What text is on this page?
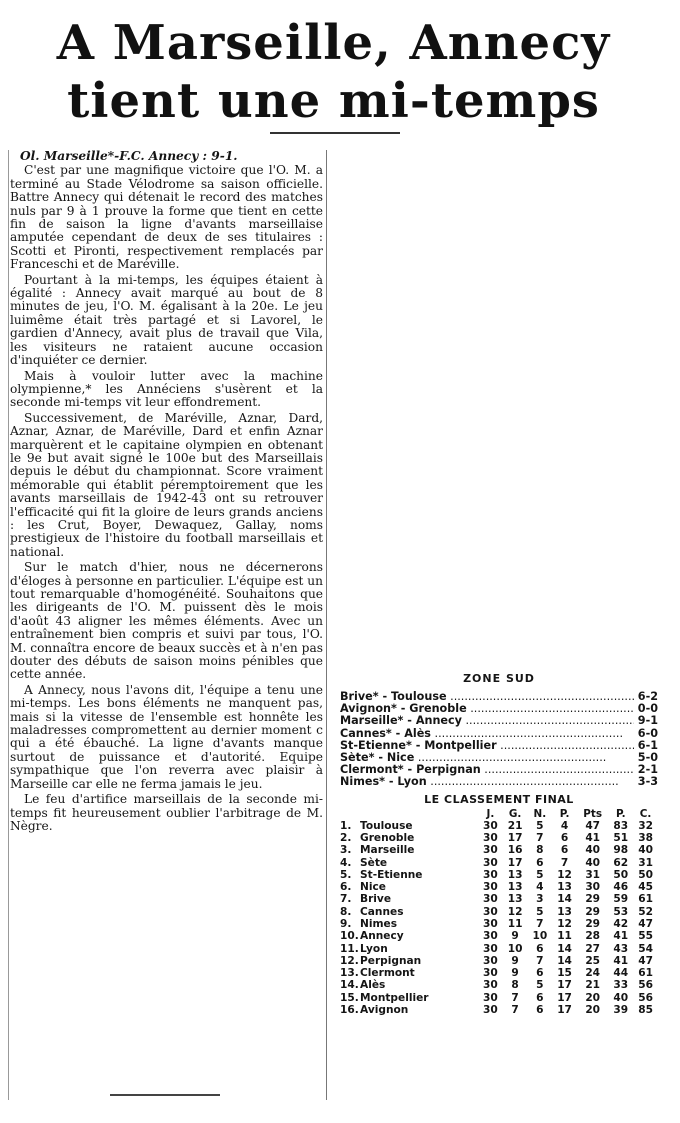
A Marseille, Annecy
tient une mi-temps

Ol. Marseille*-F.C. Annecy : 9-1.

C'est par une magnifique victoire que l'O. M. a terminé au Stade Vélodrome sa saison officielle. Battre Annecy qui détenait le record des matches nuls par 9 à 1 prouve la forme que tient en cette fin de saison la ligne d'avants marseillaise amputée cependant de deux de ses titulaires : Scotti et Pironti, respectivement remplacés par Franceschi et de Maréville.

Pourtant à la mi-temps, les équipes étaient à égalité : Annecy avait marqué au bout de 8 minutes de jeu, l'O. M. égalisant à la 20e. Le jeu luimême était très partagé et si Lavorel, le gardien d'Annecy, avait plus de travail que Vila, les visiteurs ne rataient aucune occasion d'inquiéter ce dernier.

Mais à vouloir lutter avec la machine olympienne,* les Annéciens s'usèrent et la seconde mi-temps vit leur effondrement.

Successivement, de Maréville, Aznar, Dard, Aznar, Aznar, de Maréville, Dard et enfin Aznar marquèrent et le capitaine olympien en obtenant le 9e but avait signé le 100e but des Marseillais depuis le début du championnat. Score vraiment mémorable qui établit péremptoirement que les avants marseillais de 1942-43 ont su retrouver l'efficacité qui fit la gloire de leurs grands anciens : les Crut, Boyer, Dewaquez, Gallay, noms prestigieux de l'histoire du football marseillais et national.

Sur le match d'hier, nous ne décernerons d'éloges à personne en particulier. L'équipe est un tout remarquable d'homogénéité. Souhaitons que les dirigeants de l'O. M. puissent dès le mois d'août 43 aligner les mêmes éléments. Avec un entraînement bien compris et suivi par tous, l'O. M. connaîtra encore de beaux succès et à n'en pas douter des débuts de saison moins pénibles que cette année.

A Annecy, nous l'avons dit, l'équipe a tenu une mi-temps. Les bons éléments ne manquent pas, mais si la vitesse de l'ensemble est honnête les maladresses compromettent au dernier moment c qui a été ébauché. La ligne d'avants manque surtout de puissance et d'autorité. Equipe sympathique que l'on reverra avec plaisir à Marseille car elle ne ferma jamais le jeu.

Le feu d'artifice marseillais de la seconde mi-temps fit heureusement oublier l'arbitrage de M. Nègre.

ZONE SUD
Brive* - Toulouse .....	6-2
Avignon* - Grenoble .....	0-0
Marseille* - Annecy .....	9-1
Cannes* - Alès .....	6-0
St-Etienne* - Montpellier .....	6-1
Sète* - Nice .....	5-0
Clermont* - Perpignan .....	2-1
Nimes* - Lyon .....	3-3
LE CLASSEMENT FINAL
		J.	G.	N.	P.	Pts	P.	C.
1.	Toulouse	30	21	5	4	47	83	32
2.	Grenoble	30	17	7	6	41	51	38
3.	Marseille	30	16	8	6	40	98	40
4.	Sète	30	17	6	7	40	62	31
5.	St-Etienne	30	13	5	12	31	50	50
6.	Nice	30	13	4	13	30	46	45
7.	Brive	30	13	3	14	29	59	61
8.	Cannes	30	12	5	13	29	53	52
9.	Nimes	30	11	7	12	29	42	47
10.	Annecy	30	9	10	11	28	41	55
11.	Lyon	30	10	6	14	27	43	54
12.	Perpignan	30	9	7	14	25	41	47
13.	Clermont	30	9	6	15	24	44	61
14.	Alès	30	8	5	17	21	33	56
15.	Montpellier	30	7	6	17	20	40	56
16.	Avignon	30	7	6	17	20	39	85
